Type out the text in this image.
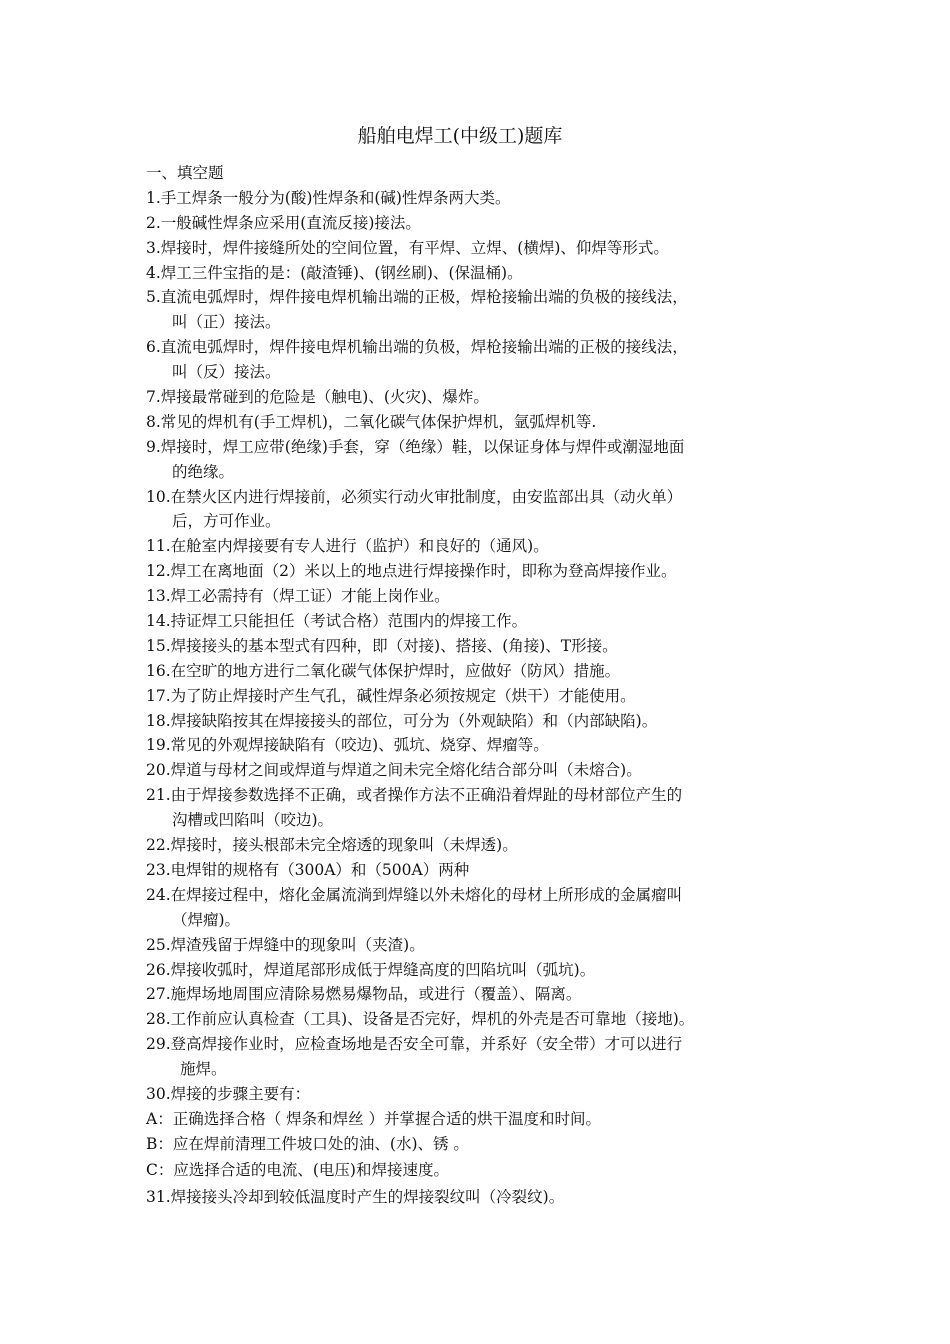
船舶电焊工(中级工)题库
一、填空题
1.手工焊条一般分为(酸)性焊条和(碱)性焊条两大类。
2.一般碱性焊条应采用(直流反接)接法。
3.焊接时，焊件接缝所处的空间位置，有平焊、立焊、(横焊)、仰焊等形式。
4.焊工三件宝指的是：(敲渣锤)、(钢丝刷)、(保温桶)。
5.直流电弧焊时，焊件接电焊机输出端的正极，焊枪接输出端的负极的接线法，
叫（正）接法。
6.直流电弧焊时，焊件接电焊机输出端的负极，焊枪接输出端的正极的接线法，
叫（反）接法。
7.焊接最常碰到的危险是（触电)、(火灾)、爆炸。
8.常见的焊机有(手工焊机)，二氧化碳气体保护焊机，氩弧焊机等.
9.焊接时，焊工应带(绝缘)手套，穿（绝缘）鞋，以保证身体与焊件或潮湿地面
的绝缘。
10.在禁火区内进行焊接前，必须实行动火审批制度，由安监部出具（动火单）
后，方可作业。
11.在舱室内焊接要有专人进行（监护）和良好的（通风)。
12.焊工在离地面（2）米以上的地点进行焊接操作时，即称为登高焊接作业。
13.焊工必需持有（焊工证）才能上岗作业。
14.持证焊工只能担任（考试合格）范围内的焊接工作。
15.焊接接头的基本型式有四种，即（对接)、搭接、(角接)、T形接。
16.在空旷的地方进行二氧化碳气体保护焊时，应做好（防风）措施。
17.为了防止焊接时产生气孔，碱性焊条必须按规定（烘干）才能使用。
18.焊接缺陷按其在焊接接头的部位，可分为（外观缺陷）和（内部缺陷)。
19.常见的外观焊接缺陷有（咬边)、弧坑、烧穿、焊瘤等。
20.焊道与母材之间或焊道与焊道之间未完全熔化结合部分叫（未熔合)。
21.由于焊接参数选择不正确，或者操作方法不正确沿着焊趾的母材部位产生的
沟槽或凹陷叫（咬边)。
22.焊接时，接头根部未完全熔透的现象叫（未焊透)。
23.电焊钳的规格有（300A）和（500A）两种
24.在焊接过程中，熔化金属流淌到焊缝以外未熔化的母材上所形成的金属瘤叫
（焊瘤)。
25.焊渣残留于焊缝中的现象叫（夹渣)。
26.焊接收弧时，焊道尾部形成低于焊缝高度的凹陷坑叫（弧坑)。
27.施焊场地周围应清除易燃易爆物品，或进行（覆盖）、隔离。
28.工作前应认真检查（工具)、设备是否完好，焊机的外壳是否可靠地（接地)。
29.登高焊接作业时，应检查场地是否安全可靠，并系好（安全带）才可以进行
施焊。
30.焊接的步骤主要有：
A：正确选择合格（ 焊条和焊丝 ）并掌握合适的烘干温度和时间。
B：应在焊前清理工件坡口处的油、(水)、锈 。
C：应选择合适的电流、(电压)和焊接速度。
31.焊接接头冷却到较低温度时产生的焊接裂纹叫（冷裂纹)。
